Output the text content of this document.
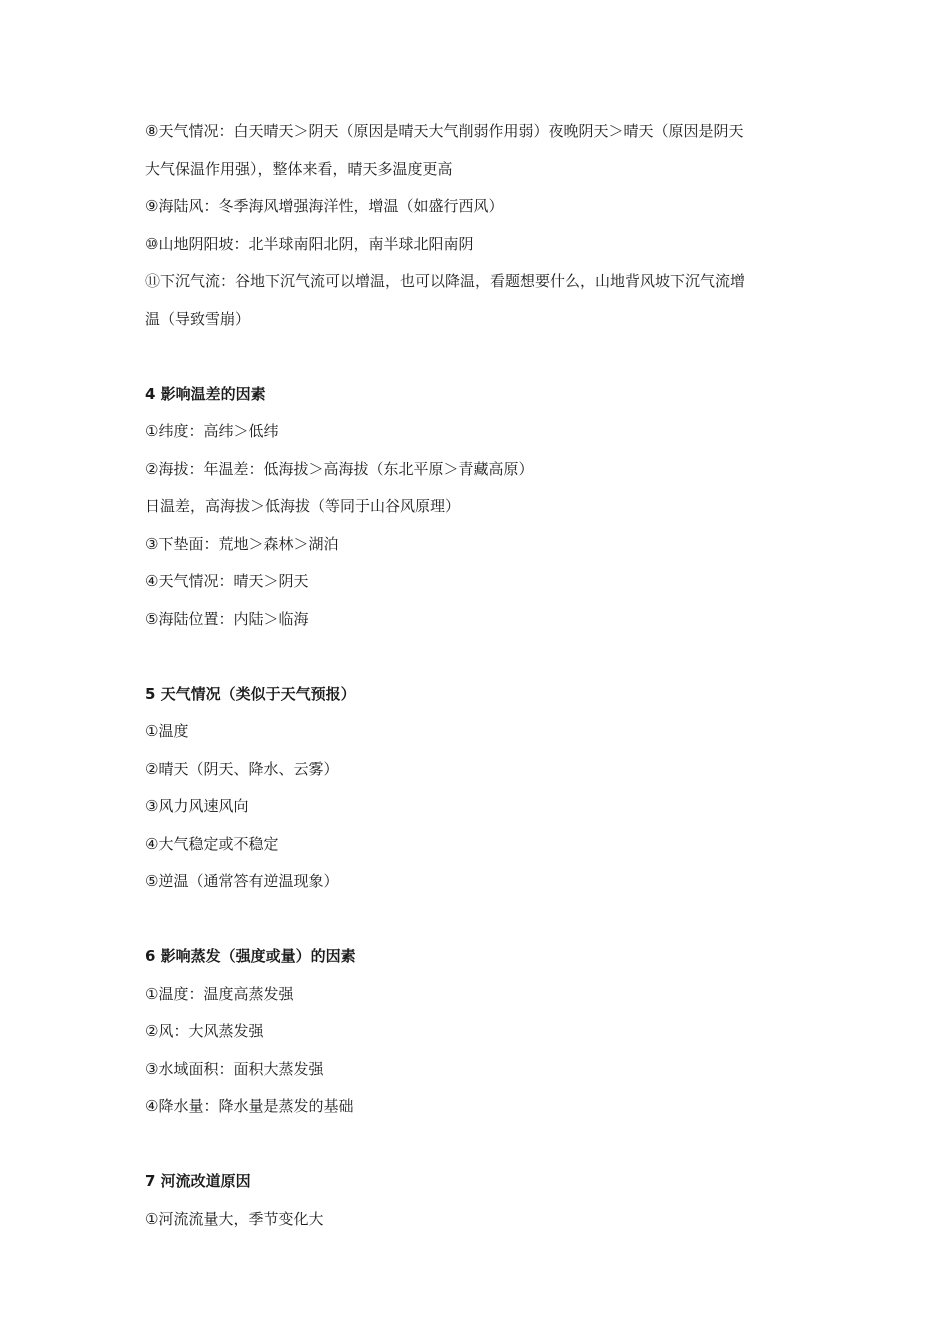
⑧天气情况：白天晴天＞阴天（原因是晴天大气削弱作用弱）夜晚阴天＞晴天（原因是阴天
大气保温作用强），整体来看，晴天多温度更高
⑨海陆风：冬季海风增强海洋性，增温（如盛行西风）
⑩山地阴阳坡：北半球南阳北阴，南半球北阳南阴
⑪下沉气流：谷地下沉气流可以增温，也可以降温，看题想要什么，山地背风坡下沉气流增
温（导致雪崩）
4 影响温差的因素
①纬度：高纬＞低纬
②海拔：年温差：低海拔＞高海拔（东北平原＞青藏高原）
日温差，高海拔＞低海拔（等同于山谷风原理）
③下垫面：荒地＞森林＞湖泊
④天气情况：晴天＞阴天
⑤海陆位置：内陆＞临海
5 天气情况（类似于天气预报）
①温度
②晴天（阴天、降水、云雾）
③风力风速风向
④大气稳定或不稳定
⑤逆温（通常答有逆温现象）
6 影响蒸发（强度或量）的因素
①温度：温度高蒸发强
②风：大风蒸发强
③水域面积：面积大蒸发强
④降水量：降水量是蒸发的基础
7 河流改道原因
①河流流量大，季节变化大
